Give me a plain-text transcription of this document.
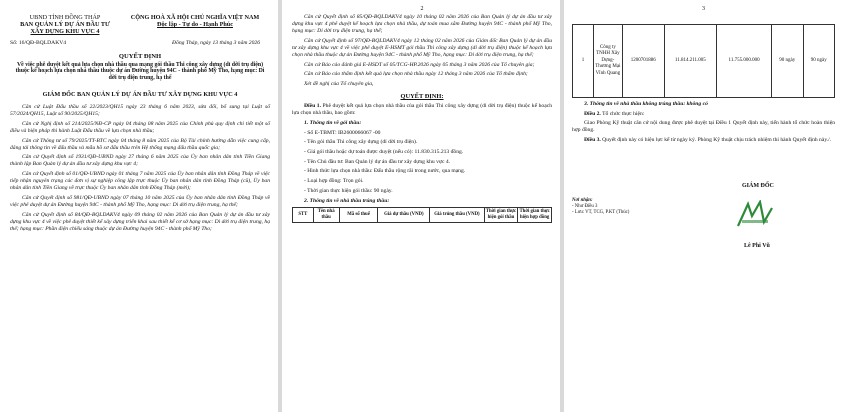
UBND TỈNH ĐỒNG THÁP
BAN QUẢN LÝ DỰ ÁN ĐẦU TƯ
XÂY DỰNG KHU VỰC 4
CỘNG HOÀ XÃ HỘI CHỦ NGHĨA VIỆT NAM
Độc lập - Tự do - Hạnh Phúc
Số: 16/QĐ-BQLDAKV4	Đồng Tháp, ngày 13 tháng 3 năm 2026
QUYẾT ĐỊNH
Về việc phê duyệt kết quả lựa chọn nhà thầu qua mạng gói thầu Thi công xây dựng (dỉ dời trụ điện) thuộc kế hoạch lựa chọn nhà thầu thuộc dự án Đường huyện 94C - thành phố Mỹ Tho, hạng mục: Di dời trụ điện trung, hạ thế
GIÁM ĐỐC BAN QUẢN LÝ DỰ ÁN ĐẦU TƯ XÂY DỰNG KHU VỰC 4
Căn cứ Luật Đấu thầu số 22/2023/QH15 ngày 23 tháng 6 năm 2023, sửa đổi, bổ sung tại Luật số 57/2024/QH15, Luật số 90/2025/QH15;
Căn cứ Nghị định số 214/2025/NĐ-CP ngày 04 tháng 08 năm 2025 của Chính phủ quy định chi tiết một số điều và biện pháp thi hành Luật Đấu thầu về lựa chọn nhà thầu;
Căn cứ Thông tư số 79/2025/TT-BTC ngày 04 tháng 8 năm 2025 của Bộ Tài chính hướng dẫn việc cung cấp, đăng tải thông tin về đấu thầu và mẫu hồ sơ đấu thầu trên Hệ thống mạng đấu thầu quốc gia;
Căn cứ Quyết định số 1931/QĐ-UBND ngày 27 tháng 6 năm 2025 của Ủy ban nhân dân tỉnh Tiền Giang thành lập Ban Quản lý dự án đầu tư xây dựng khu vực 4;
Căn cứ Quyết định số 01/QĐ-UBND ngày 01 tháng 7 năm 2025 của Ủy ban nhân dân tỉnh Đồng Tháp về việc tiếp nhận nguyên trạng các đơn vị sự nghiệp công lập trực thuộc Ủy ban nhân dân tỉnh Đồng Tháp (cũ), Ủy ban nhân dân tỉnh Tiền Giang về trực thuộc Ủy ban nhân dân tỉnh Đồng Tháp (mới);
Căn cứ Quyết định số 981/QĐ-UBND ngày 07 tháng 10 năm 2025 của Ủy ban nhân dân tỉnh Đồng Tháp về việc phê duyệt dự án Đường huyện 94C - thành phố Mỹ Tho, hạng mục: Di dời trụ điện trung, hạ thế;
Căn cứ Quyết định số 84/QĐ-BQLDAKV4 ngày 09 tháng 02 năm 2026 của Ban Quản lý dự án đầu tư xây dựng khu vực 4 về việc phê duyệt thiết kế xây dựng triển khai sau thiết kế cơ sở hạng mục: Di dời trụ điện trung, hạ thế; hạng mục: Phần điện chiếu sáng thuộc dự án Đường huyện 94C - thành phố Mỹ Tho;
2
Căn cứ Quyết định số 85/QĐ-BQLDAKV4 ngày 10 tháng 02 năm 2026 của Ban Quản lý dự án đầu tư xây dựng khu vực 4 phê duyệt kế hoạch lựa chọn nhà thầu, dự toán mua sắm Đường huyện 94C - thành phố Mỹ Tho, hạng mục: Di dời trụ điện trung, hạ thế;
Căn cứ Quyết định số 97/QĐ-BQLDAKV4 ngày 12 tháng 02 năm 2026 của Giám đốc Ban Quản lý dự án đầu tư xây dựng khu vực 4 về việc phê duyệt E-HSMT gói thầu Thi công xây dựng (dỉ dời trụ điện) thuộc kế hoạch lựa chọn nhà thầu thuộc dự án Đường huyện 94C - thành phố Mỹ Tho, hạng mục: Di dời trụ điện trung, hạ thế;
Căn cứ Báo cáo đánh giá E-HSDT số 05/TCG-HP.2026 ngày 05 tháng 3 năm 2026 của Tổ chuyên gia;
Căn cứ Báo cáo thẩm định kết quả lựa chọn nhà thầu ngày 12 tháng 3 năm 2026 của Tổ thẩm định;
Xét đề nghị của Tổ chuyên gia,
QUYẾT ĐỊNH:
Điều 1. Phê duyệt kết quả lựa chọn nhà thầu của gói thầu Thi công xây dựng (dỉ dời trụ điện) thuộc kế hoạch lựa chọn nhà thầu, bao gồm:
1. Thông tin về gói thầu:
- Số E-TBMT: IB2600066067 -00
- Tên gói thầu Thi công xây dựng (dỉ dời trụ điện).
- Giá gói thầu hoặc dự toán được duyệt (nếu có): 11.830.315.213 đồng.
- Tên Chủ đầu tư: Ban Quản lý dự án đầu tư xây dựng khu vực 4.
- Hình thức lựa chọn nhà thầu: Đấu thầu rộng rãi trong nước, qua mạng.
- Loại hợp đồng: Trọn gói.
- Thời gian thực hiện gói thầu: 90 ngày.
2. Thông tin về nhà thầu trúng thầu:
STT	Tên nhà thầu	Mã số thuế	Giá dự thầu (VND)	Giá trúng thầu (VND)	Thời gian thực hiện gói thầu	Thời gian thực hiện hợp đồng
3
1	Công ty TNHH Xây Dựng-Thương Mại Vĩnh Quang	1200701886	11.814.211.005	11.755.000.000	90 ngày	90 ngày
3. Thông tin về nhà thầu không trúng thầu: không có
Điều 2. Tổ chức thực hiện:
Giao Phòng Kỹ thuật căn cứ nội dung được phê duyệt tại Điều 1 Quyết định này, tiến hành tổ chức hoàn thiện hợp đồng.
Điều 3. Quyết định này có hiệu lực kể từ ngày ký. Phòng Kỹ thuật chịu trách nhiệm thi hành Quyết định này./.
Nơi nhận:
- Như Điều 3
- Lưu: VT, TCG, P.KT (Thúc)
GIÁM ĐỐC
Lê Phi Vũ
